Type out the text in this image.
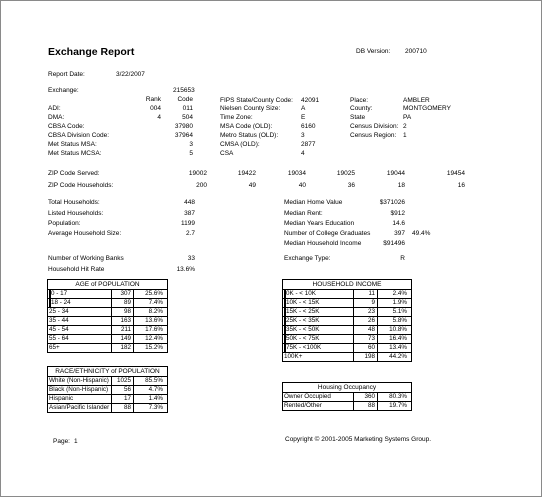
Exchange Report	DB Version: 200710
Report Date:	3/22/2007
Exchange:	215653
Rank	Code
ADI:	004	011
DMA:	4	504
CBSA Code:	37980
CBSA Division Code:	37964
Met Status MSA:	3
Met Status MCSA:	5
FIPS State/County Code: 42091
Nielsen County Size:	A
Time Zone:	E
MSA Code (OLD):	6160
Metro Status (OLD):	3
CMSA (OLD):	2877
CSA	4
Place:	AMBLER
County:	MONTGOMERY
State	PA
Census Division: 2
Census Region: 1
ZIP Code Served:	19002	19422	19034	19025	19044	19454
ZIP Code Households:	200	49	40	36	18	16
Total Households:	448
Listed Households:	387
Population:	1199
Average Household Size:	2.7
Median Home Value	$371026
Median Rent:	$912
Median Years Education	14.6
Number of College Graduates	397 49.4%
Median Household Income	$91496
Number of Working Banks	33
Household Hit Rate	13.6%
Exchange Type:	R
AGE of POPULATION
0 - 17	307	25.6%
18 - 24	89	7.4%
25 - 34	98	8.2%
35 - 44	163	13.6%
45 - 54	211	17.6%
55 - 64	149	12.4%
65+	182	15.2%
RACE/ETHNICITY of POPULATION
White (Non-Hispanic)	1025	85.5%
Black (Non-Hispanic)	56	4.7%
Hispanic	17	1.4%
Asian/Pacific Islander	88	7.3%
HOUSEHOLD INCOME
0K - < 10K	11	2.4%
10K - < 15K	9	1.9%
15K - < 25K	23	5.1%
25K - < 35K	26	5.8%
35K - < 50K	48	10.8%
50K - < 75K	73	16.4%
75K - <100K	60	13.4%
100K+	198	44.2%
Housing Occupancy
Owner Occupied	360	80.3%
Rented/Other	88	19.7%
Page: 1	Copyright © 2001-2005 Marketing Systems Group.
